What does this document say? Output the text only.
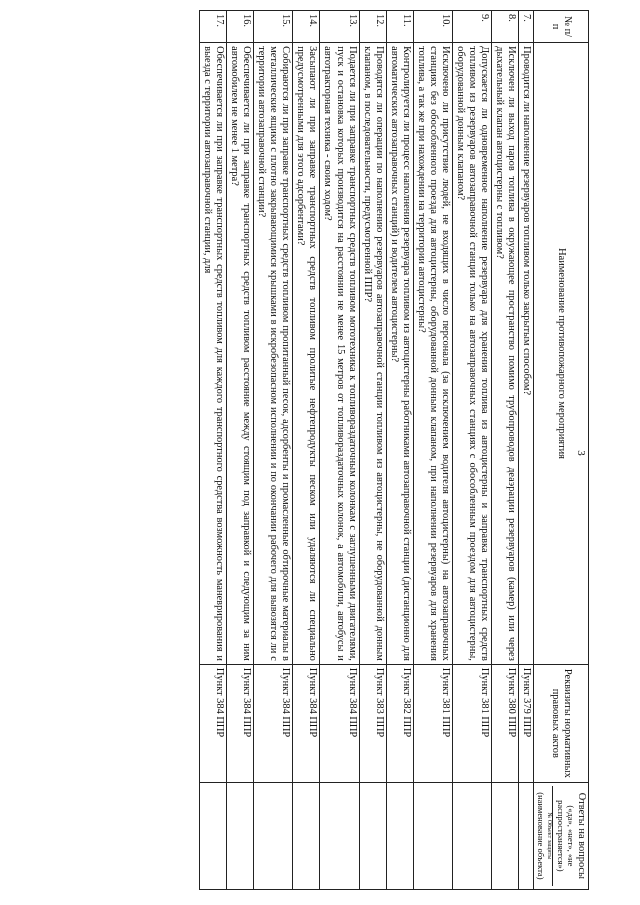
3
№ п/п	Наименование противопожарного мероприятия	Реквизиты нормативных правовых актов	Ответы на вопросы
(«да», «нет», «не распространяется»)
№ Объект защиты
(наименование объекта)

7.	Проводится ли наполнение резервуаров топливом только закрытым способом?	Пункт 379 ППР	
8.	Исключен ли выход паров топлива в окружающее пространство помимо трубопроводов деаэрации резервуаров (камер) или через дыхательный клапан автоцистерны с топливом?	Пункт 380 ППР	
9.	Допускается ли одновременное наполнение резервуара для хранения топлива из автоцистерны и заправка транспортных средств топливом из резервуаров автозаправочной станции только на автозаправочных станциях с обособленным проездом для автоцистерны, оборудованной донным клапаном?	Пункт 381 ППР	
10.	Исключено ли присутствие людей, не входящих в число персонала (за исключением водителя автоцистерны) на автозаправочных станциях без обособленного проезда для автоцистерны, оборудованной донным клапаном, при наполнении резервуаров для хранения топлива, а так же при нахождении на территории автоцистерны?	Пункт 381 ППР	
11.	Контролируется ли процесс наполнения резервуара топливом из автоцистерны работниками автозаправочной станции (дистанционно для автоматических автозаправочных станций) и водителем автоцистерны?	Пункт 382 ППР	
12.	Проводятся ли операции по наполнению резервуаров автозаправочной станции топливом из автоцистерны, не оборудованной донным клапаном, в последовательности, предусмотренной ППР?	Пункт 383 ППР	
13.	Подается ли при заправке транспортных средств топливом мототехника к топливораздаточным колонкам с заглушенными двигателями, пуск и остановка которых производится на расстоянии не менее 15 метров от топливораздаточных колонок, а автомобили, автобусы и автотракторная техника - своим ходом?	Пункт 384 ППР	
14.	Засыпают ли при заправке транспортных средств топливом пролитые нефтепродукты песком или удаляются ли специально предусмотренными для этого адсорбентами?	Пункт 384 ППР	
15.	Собираются ли при заправке транспортных средств топливом пропитанный песок, адсорбенты и промасленные обтирочные материалы в металлические ящики с плотно закрывающимися крышками в искробезопасном исполнении и по окончании рабочего для вывозятся ли с территории автозаправочной станции?	Пункт 384 ППР	
16.	Обеспечивается ли при заправке транспортных средств топливом расстояние между стоящим под заправкой и следующим за ним автомобилем не менее 1 метра?	Пункт 384 ППР	
17.	Обеспечивается ли при заправке транспортных средств топливом для каждого транспортного средства возможность маневрирования и выезда с территории автозаправочной станции, для	Пункт 384 ППР	
